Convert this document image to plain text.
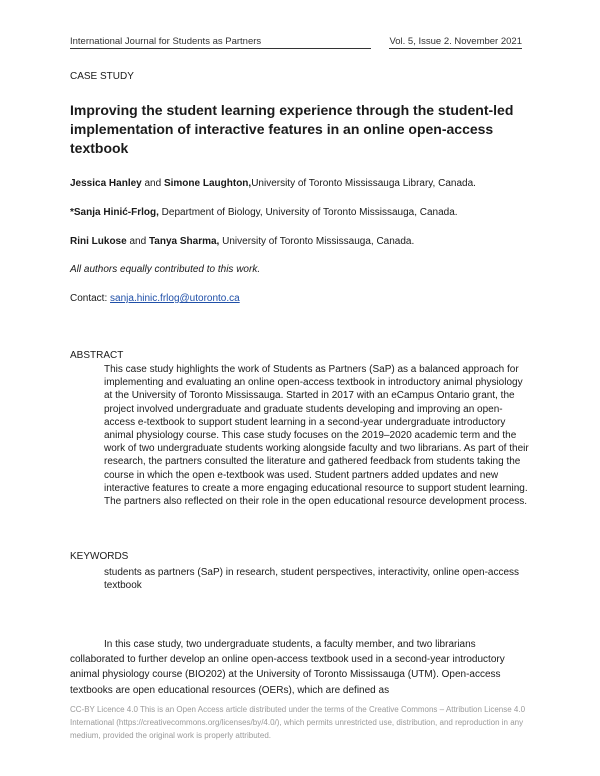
International Journal for Students as Partners	Vol. 5, Issue 2. November 2021
CASE STUDY
Improving the student learning experience through the student-led implementation of interactive features in an online open-access textbook
Jessica Hanley and Simone Laughton,University of Toronto Mississauga Library, Canada.
*Sanja Hinić-Frlog, Department of Biology, University of Toronto Mississauga, Canada.
Rini Lukose and Tanya Sharma, University of Toronto Mississauga, Canada.
All authors equally contributed to this work.
Contact: sanja.hinic.frlog@utoronto.ca
ABSTRACT
This case study highlights the work of Students as Partners (SaP) as a balanced approach for implementing and evaluating an online open-access textbook in introductory animal physiology at the University of Toronto Mississauga. Started in 2017 with an eCampus Ontario grant, the project involved undergraduate and graduate students developing and improving an open-access e-textbook to support student learning in a second-year undergraduate introductory animal physiology course. This case study focuses on the 2019–2020 academic term and the work of two undergraduate students working alongside faculty and two librarians. As part of their research, the partners consulted the literature and gathered feedback from students taking the course in which the open e-textbook was used. Student partners added updates and new interactive features to create a more engaging educational resource to support student learning. The partners also reflected on their role in the open educational resource development process.
KEYWORDS
students as partners (SaP) in research, student perspectives, interactivity, online open-access textbook
In this case study, two undergraduate students, a faculty member, and two librarians collaborated to further develop an online open-access textbook used in a second-year introductory animal physiology course (BIO202) at the University of Toronto Mississauga (UTM). Open-access textbooks are open educational resources (OERs), which are defined as
CC-BY Licence 4.0 This is an Open Access article distributed under the terms of the Creative Commons – Attribution License 4.0 International (https://creativecommons.org/licenses/by/4.0/), which permits unrestricted use, distribution, and reproduction in any medium, provided the original work is properly attributed.
